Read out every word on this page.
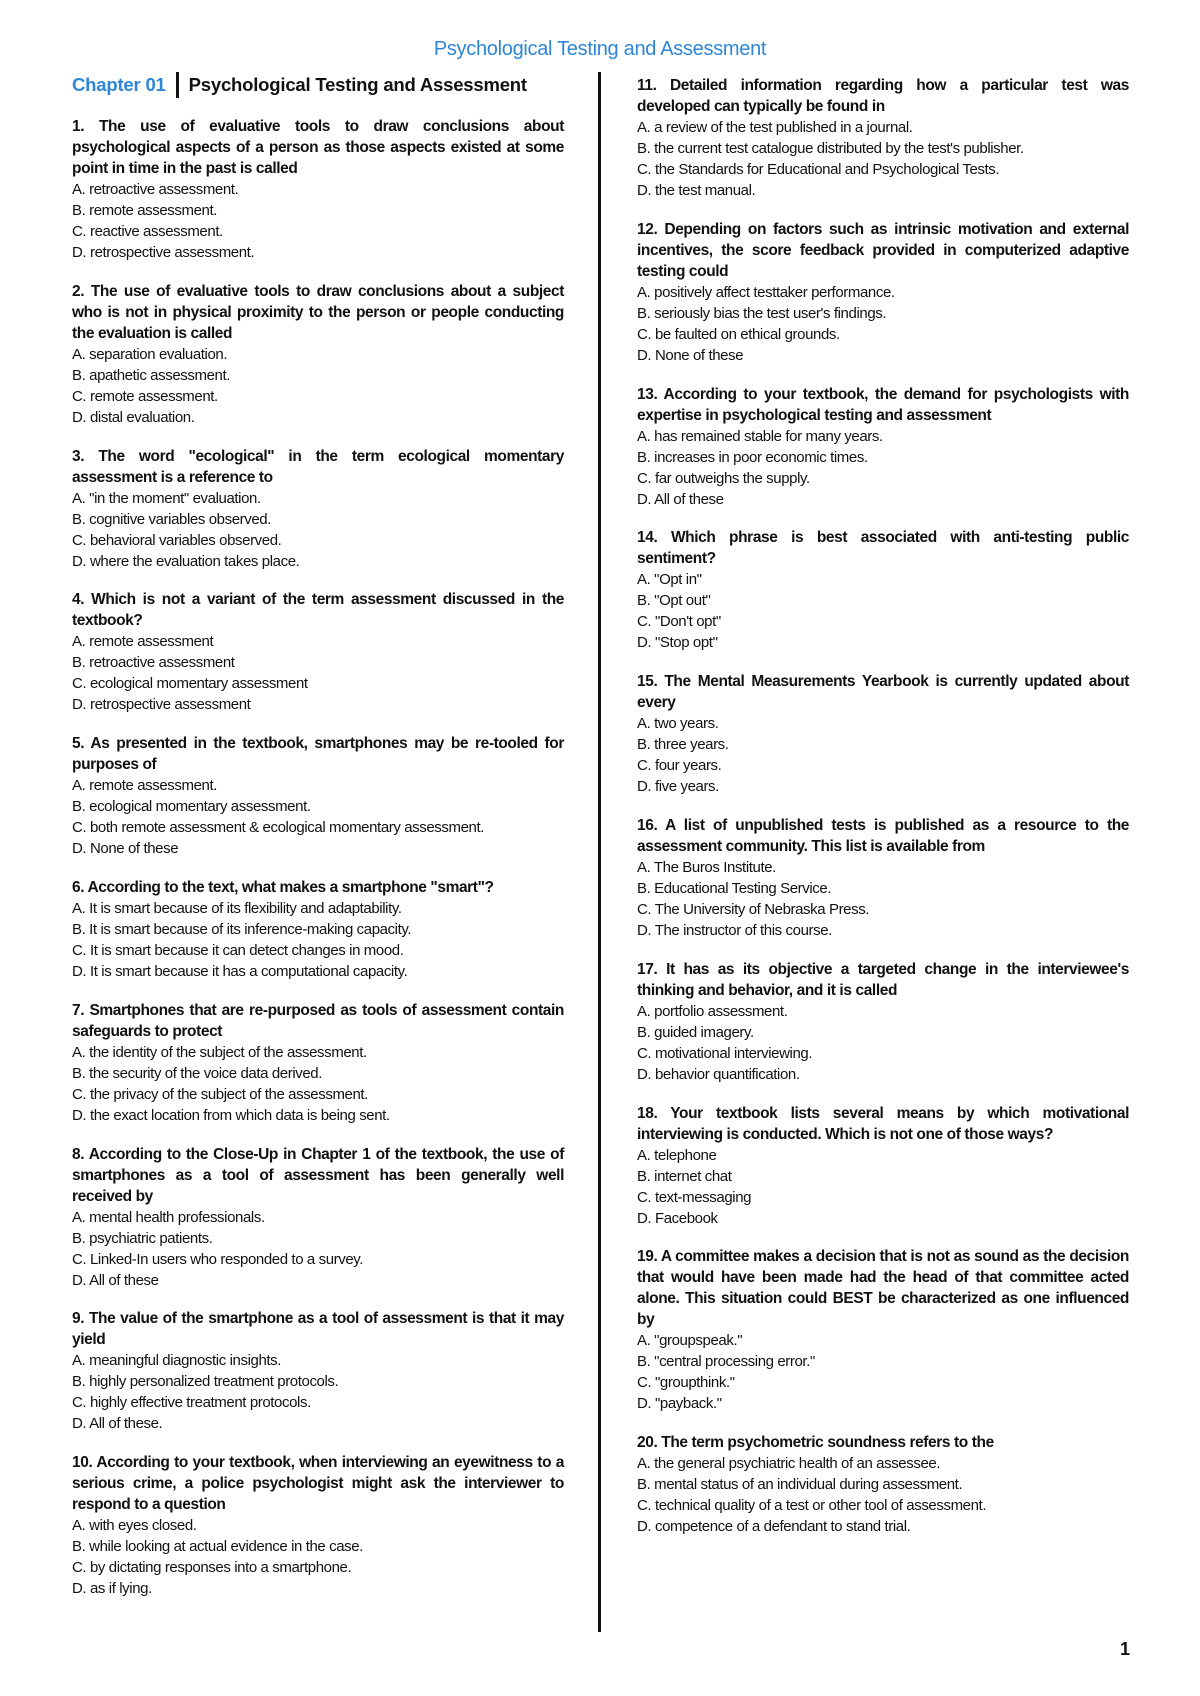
Psychological Testing and Assessment
Chapter 01 Psychological Testing and Assessment
1. The use of evaluative tools to draw conclusions about psychological aspects of a person as those aspects existed at some point in time in the past is called
A. retroactive assessment.
B. remote assessment.
C. reactive assessment.
D. retrospective assessment.
2. The use of evaluative tools to draw conclusions about a subject who is not in physical proximity to the person or people conducting the evaluation is called
A. separation evaluation.
B. apathetic assessment.
C. remote assessment.
D. distal evaluation.
3. The word "ecological" in the term ecological momentary assessment is a reference to
A. "in the moment" evaluation.
B. cognitive variables observed.
C. behavioral variables observed.
D. where the evaluation takes place.
4. Which is not a variant of the term assessment discussed in the textbook?
A. remote assessment
B. retroactive assessment
C. ecological momentary assessment
D. retrospective assessment
5. As presented in the textbook, smartphones may be re-tooled for purposes of
A. remote assessment.
B. ecological momentary assessment.
C. both remote assessment & ecological momentary assessment.
D. None of these
6. According to the text, what makes a smartphone "smart"?
A. It is smart because of its flexibility and adaptability.
B. It is smart because of its inference-making capacity.
C. It is smart because it can detect changes in mood.
D. It is smart because it has a computational capacity.
7. Smartphones that are re-purposed as tools of assessment contain safeguards to protect
A. the identity of the subject of the assessment.
B. the security of the voice data derived.
C. the privacy of the subject of the assessment.
D. the exact location from which data is being sent.
8. According to the Close-Up in Chapter 1 of the textbook, the use of smartphones as a tool of assessment has been generally well received by
A. mental health professionals.
B. psychiatric patients.
C. Linked-In users who responded to a survey.
D. All of these
9. The value of the smartphone as a tool of assessment is that it may yield
A. meaningful diagnostic insights.
B. highly personalized treatment protocols.
C. highly effective treatment protocols.
D. All of these.
10. According to your textbook, when interviewing an eyewitness to a serious crime, a police psychologist might ask the interviewer to respond to a question
A. with eyes closed.
B. while looking at actual evidence in the case.
C. by dictating responses into a smartphone.
D. as if lying.
11. Detailed information regarding how a particular test was developed can typically be found in
A. a review of the test published in a journal.
B. the current test catalogue distributed by the test's publisher.
C. the Standards for Educational and Psychological Tests.
D. the test manual.
12. Depending on factors such as intrinsic motivation and external incentives, the score feedback provided in computerized adaptive testing could
A. positively affect testtaker performance.
B. seriously bias the test user's findings.
C. be faulted on ethical grounds.
D. None of these
13. According to your textbook, the demand for psychologists with expertise in psychological testing and assessment
A. has remained stable for many years.
B. increases in poor economic times.
C. far outweighs the supply.
D. All of these
14. Which phrase is best associated with anti-testing public sentiment?
A. "Opt in"
B. "Opt out"
C. "Don't opt"
D. "Stop opt"
15. The Mental Measurements Yearbook is currently updated about every
A. two years.
B. three years.
C. four years.
D. five years.
16. A list of unpublished tests is published as a resource to the assessment community. This list is available from
A. The Buros Institute.
B. Educational Testing Service.
C. The University of Nebraska Press.
D. The instructor of this course.
17. It has as its objective a targeted change in the interviewee's thinking and behavior, and it is called
A. portfolio assessment.
B. guided imagery.
C. motivational interviewing.
D. behavior quantification.
18. Your textbook lists several means by which motivational interviewing is conducted. Which is not one of those ways?
A. telephone
B. internet chat
C. text-messaging
D. Facebook
19. A committee makes a decision that is not as sound as the decision that would have been made had the head of that committee acted alone. This situation could BEST be characterized as one influenced by
A. "groupspeak."
B. "central processing error."
C. "groupthink."
D. "payback."
20. The term psychometric soundness refers to the
A. the general psychiatric health of an assessee.
B. mental status of an individual during assessment.
C. technical quality of a test or other tool of assessment.
D. competence of a defendant to stand trial.
1
